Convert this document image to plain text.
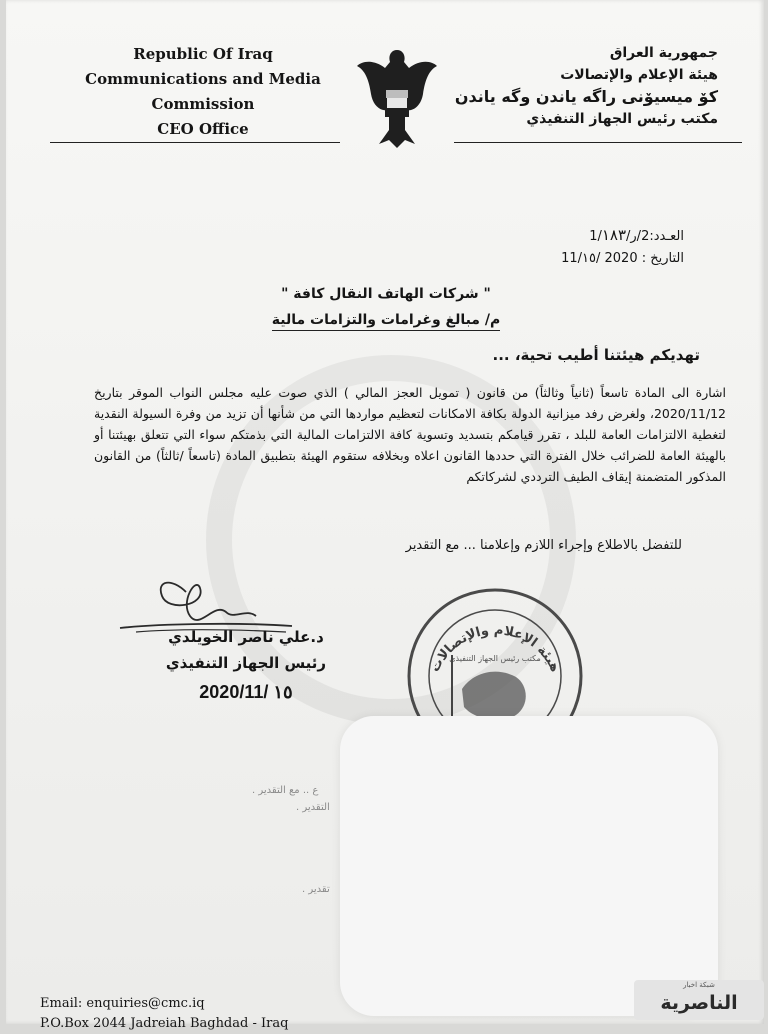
Republic Of Iraq
Communications and Media
Commission
CEO Office
جمهورية العراق
هيئة الإعلام والإتصالات
كۆ ميسيۆنى راگه ياندن وگه ياندن
مكتب رئيس الجهاز التنفيذي
العـدد:2/ر/1/١٨٣
التاريخ : 2020 /11/١٥
" شركات الهاتف النقال كافة "
م/ مبالغ وغرامات والتزامات مالية
تهديكم هيئتنا أطيب تحية، ...
اشارة الى المادة تاسعاً (ثانياً وثالثاً) من قانون ( تمويل العجز المالي ) الذي صوت عليه مجلس النواب الموقر بتاريخ 2020/11/12، ولغرض رفد ميزانية الدولة بكافة الامكانات لتعظيم مواردها التي من شأنها أن تزيد من وفرة السيولة النقدية لتغطية الالتزامات العامة للبلد ، تقرر قيامكم بتسديد وتسوية كافة الالتزامات المالية التي بذمتكم سواء التي تتعلق بهيئتنا أو بالهيئة العامة للضرائب خلال الفترة التي حددها القانون اعلاه وبخلافه ستقوم الهيئة بتطبيق المادة (تاسعاً /ثالثاً) من القانون المذكور المتضمنة إيقاف الطيف الترددي لشركاتكم
للتفضل بالاطلاع وإجراء اللازم وإعلامنا ... مع التقدير
د.علي ناصر الخويلدي
رئيس الجهاز التنفيذي
2020/11/ ١٥
هيئة الإعلام والإتصالات
مكتب رئيس الجهاز التنفيذي
ع .. مع التقدير .
التقدير .
تقدير .
Email: enquiries@cmc.iq
P.O.Box 2044 Jadreiah Baghdad - Iraq
شبكة اخبار
الناصرية
